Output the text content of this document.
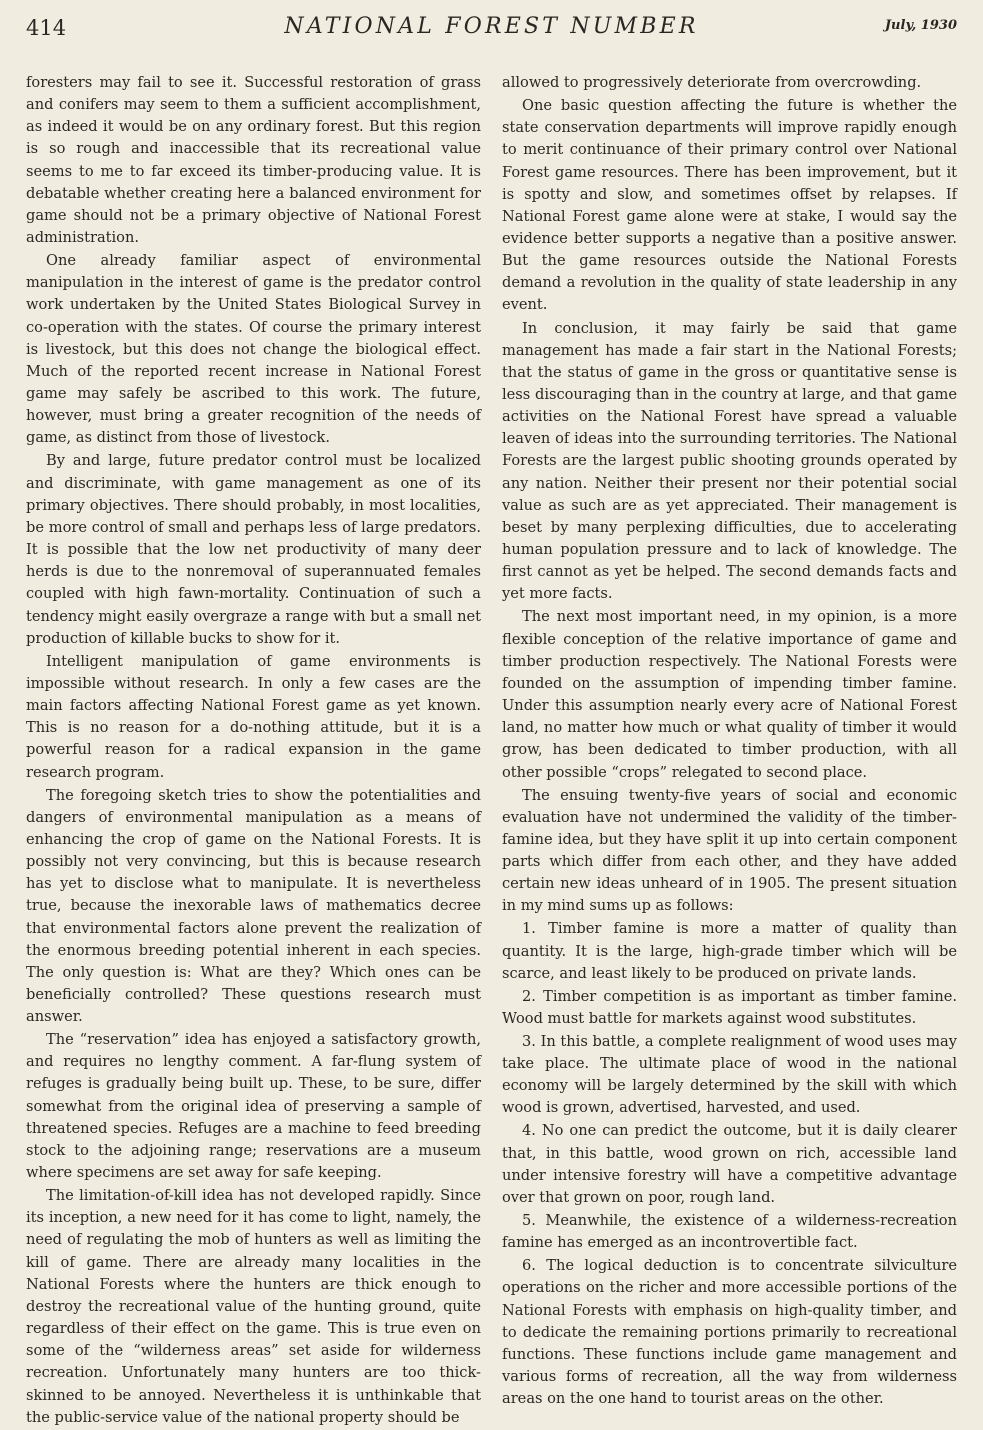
414	NATIONAL FOREST NUMBER	July, 1930

foresters may fail to see it. Successful restoration of grass and conifers may seem to them a sufficient accomplishment, as indeed it would be on any ordinary forest. But this region is so rough and inaccessible that its recreational value seems to me to far exceed its timber-producing value. It is debatable whether creating here a balanced environment for game should not be a primary objective of National Forest administration.

One already familiar aspect of environmental manipulation in the interest of game is the predator control work undertaken by the United States Biological Survey in co-operation with the states. Of course the primary interest is livestock, but this does not change the biological effect. Much of the reported recent increase in National Forest game may safely be ascribed to this work. The future, however, must bring a greater recognition of the needs of game, as distinct from those of livestock.

By and large, future predator control must be localized and discriminate, with game management as one of its primary objectives. There should probably, in most localities, be more control of small and perhaps less of large predators. It is possible that the low net productivity of many deer herds is due to the nonremoval of superannuated females coupled with high fawn-mortality. Continuation of such a tendency might easily overgraze a range with but a small net production of killable bucks to show for it.

Intelligent manipulation of game environments is impossible without research. In only a few cases are the main factors affecting National Forest game as yet known. This is no reason for a do-nothing attitude, but it is a powerful reason for a radical expansion in the game research program.

The foregoing sketch tries to show the potentialities and dangers of environmental manipulation as a means of enhancing the crop of game on the National Forests. It is possibly not very convincing, but this is because research has yet to disclose what to manipulate. It is nevertheless true, because the inexorable laws of mathematics decree that environmental factors alone prevent the realization of the enormous breeding potential inherent in each species. The only question is: What are they? Which ones can be beneficially controlled? These questions research must answer.

The “reservation” idea has enjoyed a satisfactory growth, and requires no lengthy comment. A far-flung system of refuges is gradually being built up. These, to be sure, differ somewhat from the original idea of preserving a sample of threatened species. Refuges are a machine to feed breeding stock to the adjoining range; reservations are a museum where specimens are set away for safe keeping.

The limitation-of-kill idea has not developed rapidly. Since its inception, a new need for it has come to light, namely, the need of regulating the mob of hunters as well as limiting the kill of game. There are already many localities in the National Forests where the hunters are thick enough to destroy the recreational value of the hunting ground, quite regardless of their effect on the game. This is true even on some of the “wilderness areas” set aside for wilderness recreation. Unfortunately many hunters are too thick-skinned to be annoyed. Nevertheless it is unthinkable that the public-service value of the national property should be

allowed to progressively deteriorate from overcrowding.

One basic question affecting the future is whether the state conservation departments will improve rapidly enough to merit continuance of their primary control over National Forest game resources. There has been improvement, but it is spotty and slow, and sometimes offset by relapses. If National Forest game alone were at stake, I would say the evidence better supports a negative than a positive answer. But the game resources outside the National Forests demand a revolution in the quality of state leadership in any event.

In conclusion, it may fairly be said that game management has made a fair start in the National Forests; that the status of game in the gross or quantitative sense is less discouraging than in the country at large, and that game activities on the National Forest have spread a valuable leaven of ideas into the surrounding territories. The National Forests are the largest public shooting grounds operated by any nation. Neither their present nor their potential social value as such are as yet appreciated. Their management is beset by many perplexing difficulties, due to accelerating human population pressure and to lack of knowledge. The first cannot as yet be helped. The second demands facts and yet more facts.

The next most important need, in my opinion, is a more flexible conception of the relative importance of game and timber production respectively. The National Forests were founded on the assumption of impending timber famine. Under this assumption nearly every acre of National Forest land, no matter how much or what quality of timber it would grow, has been dedicated to timber production, with all other possible “crops” relegated to second place.

The ensuing twenty-five years of social and economic evaluation have not undermined the validity of the timber-famine idea, but they have split it up into certain component parts which differ from each other, and they have added certain new ideas unheard of in 1905. The present situation in my mind sums up as follows:

1. Timber famine is more a matter of quality than quantity. It is the large, high-grade timber which will be scarce, and least likely to be produced on private lands.

2. Timber competition is as important as timber famine. Wood must battle for markets against wood substitutes.

3. In this battle, a complete realignment of wood uses may take place. The ultimate place of wood in the national economy will be largely determined by the skill with which wood is grown, advertised, harvested, and used.

4. No one can predict the outcome, but it is daily clearer that, in this battle, wood grown on rich, accessible land under intensive forestry will have a competitive advantage over that grown on poor, rough land.

5. Meanwhile, the existence of a wilderness-recreation famine has emerged as an incontrovertible fact.

6. The logical deduction is to concentrate silviculture operations on the richer and more accessible portions of the National Forests with emphasis on high-quality timber, and to dedicate the remaining portions primarily to recreational functions. These functions include game management and various forms of recreation, all the way from wilderness areas on the one hand to tourist areas on the other.
